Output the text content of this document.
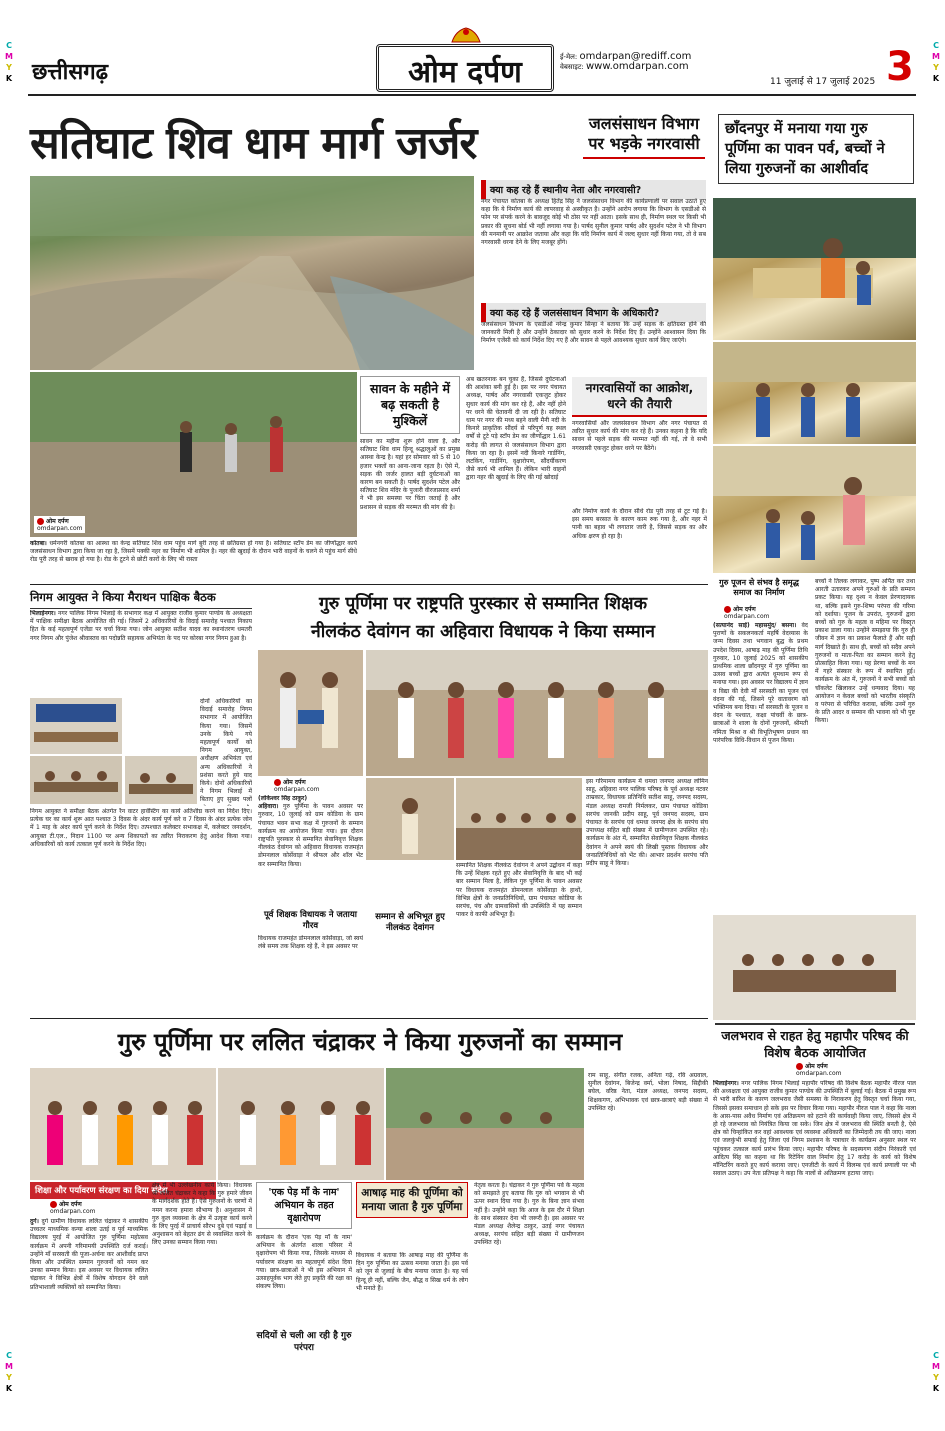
C
M
Y
K
C
M
Y
K
C
M
Y
K
C
M
Y
K
छत्तीसगढ़	ओम दर्पण	ई-मेल: omdarpan@rediff.com
वेबसाइट: www.omdarpan.com
11 जुलाई से 17 जुलाई 2025 3
सतिघाट शिव धाम मार्ग जर्जर	जलसंसाधन विभाग पर भड़के नगरवासी
क्या कह रहे हैं स्थानीय नेता और नगरवासी?
नगर पंचायत कोतबा के अध्यक्ष हितेंद्र सिंह ने जलसंसाधन विभाग की कार्यप्रणाली पर सवाल उठाते हुए कहा कि ये निर्माण कार्य की लापरवाह से अस्वीकृत है। उन्होंने आरोप लगाया कि विभाग के एसडीओ से फोन पर संपर्क करने के बावजूद कोई भी ठोस पर नहीं आता। इसके साथ ही, निर्माण स्थल पर किसी भी प्रकार की सूचना बोर्ड भी नहीं लगाया गया है। पार्षद सुनील कुमार पार्षद और सुदर्शन पटेल ने भी विभाग की मनमानी पर आक्रोश जताया और कहा कि यदि निर्माण कार्य में जल्द सुधार नहीं किया गया, तो वे सब नगरवासी धरना देने के लिए मजबूर होंगे।
क्या कह रहे हैं जलसंसाधन विभाग के अधिकारी?
जलसंसाधन विभाग के एसडीओ नरेन्द्र कुमार सिन्हा ने बताया कि उन्हें सड़क के क्षतिग्रस्त होने की जानकारी मिली है और उन्होंने ठेकादार को सुधार करने के निर्देश दिए हैं। उन्होंने आश्वासन दिया कि निर्माण एजेंसी को कार्य निर्देश दिए गए हैं और सावन से पहले आवश्यक सुधार कार्य किए जाएंगे।
ओम दर्पण
omdarpan.com
सावन के महीने में बढ़ सकती है मुश्किलें
सावन का महीना शुरू होने वाला है, और सतिघाट शिव धाम हिन्दू श्रद्धालुओं का प्रमुख आस्था केन्द्र है। यहां हर सोमवार को 5 से 10 हजार भक्तों का आना-जाना रहता है। ऐसे में, सड़क की जर्जर हालत बड़ी दुर्घटनाओं का कारण बन सकती है। पार्षद सुदर्शन पटेल और सतिघाट शिव मंदिर के पुजारी वीरजप्रसाद शर्मा ने भी इस समस्या पर चिंता जताई है और प्रशासन से सड़क की मरम्मत की मांग की है।
अब खतरनाक बन चुका है, जिससे दुर्घटनाओं की आशंका बनी हुई है। इस पर नगर पंचायत अध्यक्ष, पार्षद और नगरवासी एकजुट होकर सुधार कार्य की मांग कर रहे हैं, और नहीं होने पर धरने की चेतावनी दी जा रही है। सतिघाट धाम पर नगर की मध्य बहने वाली मैनी नदी के किनारे प्राकृतिक सौंदर्य से परिपूर्ण यह स्थल वर्षों से टूटे पड़े स्टॉप डेम का जीर्णोद्धार 1.61 करोड़ की लागत से जलसंसाधन विभाग द्वारा किया जा रहा है। इसमें नदी किनारे गार्डनिंग, लटकिंग, गार्डनिंग, वृक्षारोपण, सौंदर्यीकरण जैसे कार्य भी शामिल हैं। लेकिन भारी वाहनों द्वारा नहर की खुदाई के लिए की गई खोदाई
नगरवासियों का आक्रोश, धरने की तैयारी
नगरवासियों और जलसंसाधन विभाग और नगर पंचायत से त्वरित सुधार कार्य की मांग कर रहे हैं। उनका कहना है कि यदि सावन से पहले सड़क की मरम्मत नहीं की गई, तो वे सभी नगरवासी एकजुट होकर धरने पर बैठेंगे।
और निर्माण कार्य के दौरान सीधे रोड पूरी तरह से टूट गई है। इस समय बरसात के कारण काम रुक गया है, और नहर में पानी का बहाव भी लगातार जारी है, जिससे सड़क का और अधिक क्षरण हो रहा है।
कोतबा। धर्मनगरी कोतबा का आस्था का केन्द्र सतिघाट शिव धाम पहुंच मार्ग बुरी तरह से छतिग्रस्त हो गया है। सतिघाट स्टॉप डेम का जीर्णोद्धार कार्य जलसंसाधन विभाग द्वारा किया जा रहा है, जिसमें पक्की नहर का निर्माण भी शामिल है। नहर की खुदाई के दौरान भारी वाहनों के चलने से पहुंच मार्ग सीधे रोड पूरी तरह से खराब हो गया है। रोड के टूटने से छोटी कारों के लिए भी रास्ता
छाँदनपुर में मनाया गया गुरु पूर्णिमा का पावन पर्व, बच्चों ने लिया गुरुजनों का आशीर्वाद
गुरु पूजन से संभव है समृद्ध समाज का निर्माण
ओम दर्पण
omdarpan.com
(सत्यानंद साई) महासमुंद/ बसना। वेद पुराणों के सकलनकर्ता महर्षि वेदव्यास के जन्म दिवस तथा भगवान बुद्ध के प्रथम उपदेश दिवस, आषाढ़ माह की पूर्णिमा तिथि गुरुवार, 10 जुलाई 2025 को शासकीय प्राथमिक शाला छाँदनपुर में गुरु पूर्णिमा का उत्सव बच्चों द्वारा अत्यंत धूमधाम रूप से मनाया गया। इस अवसर पर विद्यालय में ज्ञान व विद्या की देवी माँ सरस्वती का पूजन एवं वंदना की गई, जिसने पूरे वातावरण को भक्तिमय बना दिया। माँ सरस्वती के पूजन व वंदन के पश्चात, कक्षा पांचवीं के छात्र-छात्राओं ने शाला के दोनों गुरुजनों, श्रीमती नमिता मिश्रा व श्री विभूतिभूषण प्रधान का पारंपरिक विधि-विधान से पूजन किया।
बच्चों ने तिलक लगाकर, पुष्प अर्पित कर तथा आरती उतारकर अपने गुरुओं के प्रति सम्मान प्रकट किया। यह दृश्य न केवल प्रेरणादायक था, बल्कि इसने गुरु-शिष्य परंपरा की गरिमा को दर्शाया। पूजन के उपरांत, गुरुजनों द्वारा बच्चों को गुरु के महत्व व महिमा पर विस्तृत प्रकाश डाला गया। उन्होंने समझाया कि गुरु ही जीवन में ज्ञान का प्रकाश फैलाते हैं और सही मार्ग दिखाते हैं। साथ ही, बच्चों को सदैव अपने गुरुजनों व माता-पिता का सम्मान करने हेतु प्रोत्साहित किया गया। यह प्रेरणा बच्चों के मन में गहरे संस्कार के रूप में स्थापित हुई। कार्यक्रम के अंत में, गुरुजनों ने सभी बच्चों को चॉकलेट खिलाकर उन्हें धन्यवाद दिया। यह आयोजन न केवल बच्चों को भारतीय संस्कृति व परंपरा से परिचित कराया, बल्कि उनमें गुरु के प्रति आदर व सम्मान की भावना को भी पुष्ट किया।
निगम आयुक्त ने किया मैराथन पाक्षिक बैठक
भिलाईनगर। नगर पालिक निगम भिलाई के सभागार कक्ष में आयुक्त राजीव कुमार पाण्डेय के अध्यक्षता में पाक्षिक समीक्षा बैठक आयोजित की गई। जिसमें 2 अधिकारियों के विदाई समारोह पश्चात निकाय हित के कई महत्वपूर्ण एजेंडा पर चर्चा किया गया। जोन आयुक्त सतीश यादव का स्थानांतरण धमतरी नगर निगम और पुंजेश श्रीवास्तव का पदोन्नति सहायक अभियंता के पद पर कोरबा नगर निगम हुआ है।
दोनों अधिकारियों का विदाई समारोह निगम सभागार में आयोजित किया गया। जिसमें उनके किये गये महत्वपूर्ण कार्यों को निगम आयुक्त, अधीक्षण अभियंता एवं अन्य अधिकारियों ने प्रशंसा करते हुये याद किये। दोनों अधिकारियों ने निगम भिलाई में बिताए हुए सुखद पलों
निगम आयुक्त ने समीक्षा बैठक अंतर्गत रैन वाटर हार्वेस्टिंग का कार्य अतिशीघ्र करने का निर्देश दिए। प्रत्येक घर का कार्य शुरू आत पश्चात 3 दिवस के अंदर कार्य पूर्ण करे व 7 दिवस के अंदर प्रत्येक जोन में 1 माह के अंदर कार्य पूर्ण करने के निर्देश दिए। तत्पश्चात कलेक्टर सभाकक्ष में, कलेक्टर जनदर्शन, आयुक्त टी.एल., निदान 1100 पर अन्य शिकायतों का त्वरित निराकरण हेतु आदेश किया गया। अधिकारियों को कार्य तत्काल पूर्ण करने के निर्देश दिए।
गुरु पूर्णिमा पर राष्ट्रपति पुरस्कार से सम्मानित शिक्षक
नीलकंठ देवांगन का अहिवारा विधायक ने किया सम्मान
ओम दर्पण
omdarpan.com
(लोकेश्वर सिंह ठाकुर)
अहिवारा। गुरु पूर्णिमा के पावन अवसर पर गुरुवार, 10 जुलाई को ग्राम कोडिया के ग्राम पंचायत भवन सभा कक्ष में गुरुजनों के सम्मान कार्यक्रम का आयोजन किया गया। इस दौरान राष्ट्रपति पुरस्कार से सम्मानित सेवानिवृत्त शिक्षक नीलकंठ देवांगन को अहिवारा विधायक राजमहंत डोमनलाल कोर्सेवाड़ा ने श्रीफल और शॉल भेंट कर सम्मानित किया।
इस गरिमामय कार्यक्रम में धमधा जनपद अध्यक्ष लोमिन साहू, अहिवारा नगर पालिक परिषद के पूर्व अध्यक्ष नटवर ताम्रकार, विधायक प्रतिनिधि सतीश साहू, जनपद सदस्य, मंडल अध्यक्ष रामजी निर्मलकर, ग्राम पंचायत कोडिया सरपंच जानकी प्रदीप साहू, पूर्व जनपद सदस्य, ग्राम पंचायत के सरपंच एवं धमधा जनपद क्षेत्र के सरपंच संघ उपाध्यक्ष सहित बड़ी संख्या में ग्रामीणजन उपस्थित रहे। कार्यक्रम के अंत में, सम्मानित सेवानिवृत्त शिक्षक नीलकंठ देवांगन ने अपने स्वयं की लिखी पुस्तक विधायक और जनप्रतिनिधियों को भेंट की। आभार प्रदर्शन सरपंच पति प्रदीप साहू ने किया।
पूर्व शिक्षक विधायक ने जताया गौरव
विधायक राजमहंत डोमनलाल कोर्सेवाड़ा, जो स्वयं लंबे समय तक शिक्षक रहे हैं, ने इस अवसर पर
सम्मानित शिक्षक नीलकंठ देवांगन ने अपने उद्बोधन में कहा कि उन्हें शिक्षक रहते हुए और सेवानिवृत्ति के बाद भी कई बार सम्मान मिला है, लेकिन गुरु पूर्णिमा के पावन अवसर पर विधायक राजमहंत डोमनलाल कोर्सेवाड़ा के हाथों, विभिन्न क्षेत्रों के जनप्रतिनिधियों, ग्राम पंचायत कोडिया के सरपंच, पंच और ग्रामवासियों की उपस्थिति में यह सम्मान पाकर वे काफी अभिभूत हैं।
सम्मान से अभिभूत हुए नीलकंठ देवांगन
जलभराव से राहत हेतु महापौर परिषद की विशेष बैठक आयोजित
ओम दर्पण
omdarpan.com
भिलाईनगर। नगर पालिक निगम भिलाई महापौर परिषद की विशेष बैठक महापौर नीरज पाल की अध्यक्षता एवं आयुक्त राजीव कुमार पाण्डेय की उपस्थिति में बुलाई गई। बैठक में प्रमुख रूप से भारी बारिश के कारण जलभराव जैसी समस्या के निराकरण हेतु विस्तृत चर्चा किया गया, जिससे इसका समाधान हो सके इस पर विचार किया गया। महापौर नीरज पाल ने कहा कि नाला के आस-पास अवैध निर्माण एवं अतिक्रमण को हटाने की कार्यवाही किया जाए, जिससे क्षेत्र में हो रहे जलभराव को नियंत्रित किया जा सके। जिन क्षेत्र में जलभराव की स्थिति बनती है, ऐसे क्षेत्र को चिन्हांकित कर वहां आवश्यक एवं व्यवस्था अधिकारी का जिम्मेदारी तय की जाए। नाला एवं जलकुंभी सफाई हेतु जिला एवं निगम प्रशासन के पत्राचार के कार्यक्रम अनुसार स्थल पर पहुंचकर तत्काल कार्य प्रारंभ किया जाए। महापौर परिषद के सदस्यगण संदीप निरंकारी एवं आदित्य सिंह का कहना था कि रिटेनिंग वाल निर्माण हेतु 17 करोड़ के कार्य को विशेष मॉनिटरिंग कराते हुए कार्य कराया जाए। एनजीटी के कार्य में विलम्ब एवं कार्य प्रणाली पर भी सवाल उठाए। उप नेता प्रतिपक्ष ने कहा कि नालों से अतिक्रमण हटाया जाए।
गुरु पूर्णिमा पर ललित चंद्राकर ने किया गुरुजनों का सम्मान
राम साहू, संगीत रजक, अनिता गढ़े, रवि अग्रवाल, सुनील देवांगन, बिजेन्द्र वर्मा, भोला निषाद, सिद्दीकी बघेल, वरिष्ठ नेता, मंडल अध्यक्ष, जनपद सदस्य, शिक्षकगण, अभिभावक एवं छात्र-छात्राएं बड़ी संख्या में उपस्थित रहे।
शिक्षा और पर्यावरण संरक्षण का दिया संदेश
ओम दर्पण
omdarpan.com
दुर्ग। दुर्ग ग्रामीण विधायक ललित चंद्राकर ने शासकीय उच्चतर माध्यमिक कन्या शाला उतई व पूर्व माध्यमिक विद्यालय पुरई में आयोजित गुरु पूर्णिमा महोत्सव कार्यक्रम में अपनी गरिमामयी उपस्थिति दर्ज कराई। उन्होंने माँ सरस्वती की पूजा-अर्चना कर आशीर्वाद प्राप्त किया और उपस्थित सम्मान गुरुजनों को नमन कर उनका सम्मान किया। इस अवसर पर विधायक ललित चंद्राकर ने विभिन्न क्षेत्रों में विशेष योगदान देने वाले प्रतिभाशाली व्यक्तियों को सम्मानित किया।
क्षेत्र में भी उल्लेखनीय कार्य किया। विधायक श्री ललित चंद्राकर ने कहा कि गुरु हमारे जीवन के मार्गदर्शक होते हैं। ऐसे गुरुजनों के चरणों में नमन करना हमारा सौभाग्य है। अनुशासन में गुरु कुल व्यवस्था के क्षेत्र में उत्कृष्ट कार्य करने के लिए पुरई में प्राचार्य सौरभ दुबे एवं पढ़ाई व अनुशासन को बेहतर ढंग से व्यवस्थित करने के लिए उनका सम्मान किया गया।
'एक पेड़ माँ के नाम' अभियान के तहत वृक्षारोपण
कार्यक्रम के दौरान 'एक पेड़ माँ के नाम' अभियान के अंतर्गत शाला परिसर में वृक्षारोपण भी किया गया, जिसके माध्यम से पर्यावरण संरक्षण का महत्वपूर्ण संदेश दिया गया। छात्र-छात्राओं ने भी इस अभियान में उत्साहपूर्वक भाग लेते हुए प्रकृति की रक्षा का संकल्प लिया।
सदियों से चली आ रही है गुरु परंपरा
आषाढ़ माह की पूर्णिमा को मनाया जाता है गुरु पूर्णिमा
विधायक ने बताया कि आषाढ़ माह की पूर्णिमा के दिन गुरु पूर्णिमा का उत्सव मनाया जाता है। इस पर्व को जून से जुलाई के बीच मनाया जाता है। यह पर्व हिन्दू ही नहीं, बल्कि जैन, बौद्ध व सिख धर्म के लोग भी मनाते हैं।
नेतृत्व करता है। चंद्राकर ने गुरु पूर्णिमा पर्व के महत्व को समझाते हुए बताया कि गुरु को भगवान से भी ऊपर स्थान दिया गया है। गुरु के बिना ज्ञान संभव नहीं है। उन्होंने कहा कि आज के इस दौर में शिक्षा के साथ संस्कार देना भी जरूरी है। इस अवसर पर मंडल अध्यक्ष शैलेन्द्र ठाकुर, उतई नगर पंचायत अध्यक्ष, सरपंच सहित बड़ी संख्या में ग्रामीणजन उपस्थित रहे।
